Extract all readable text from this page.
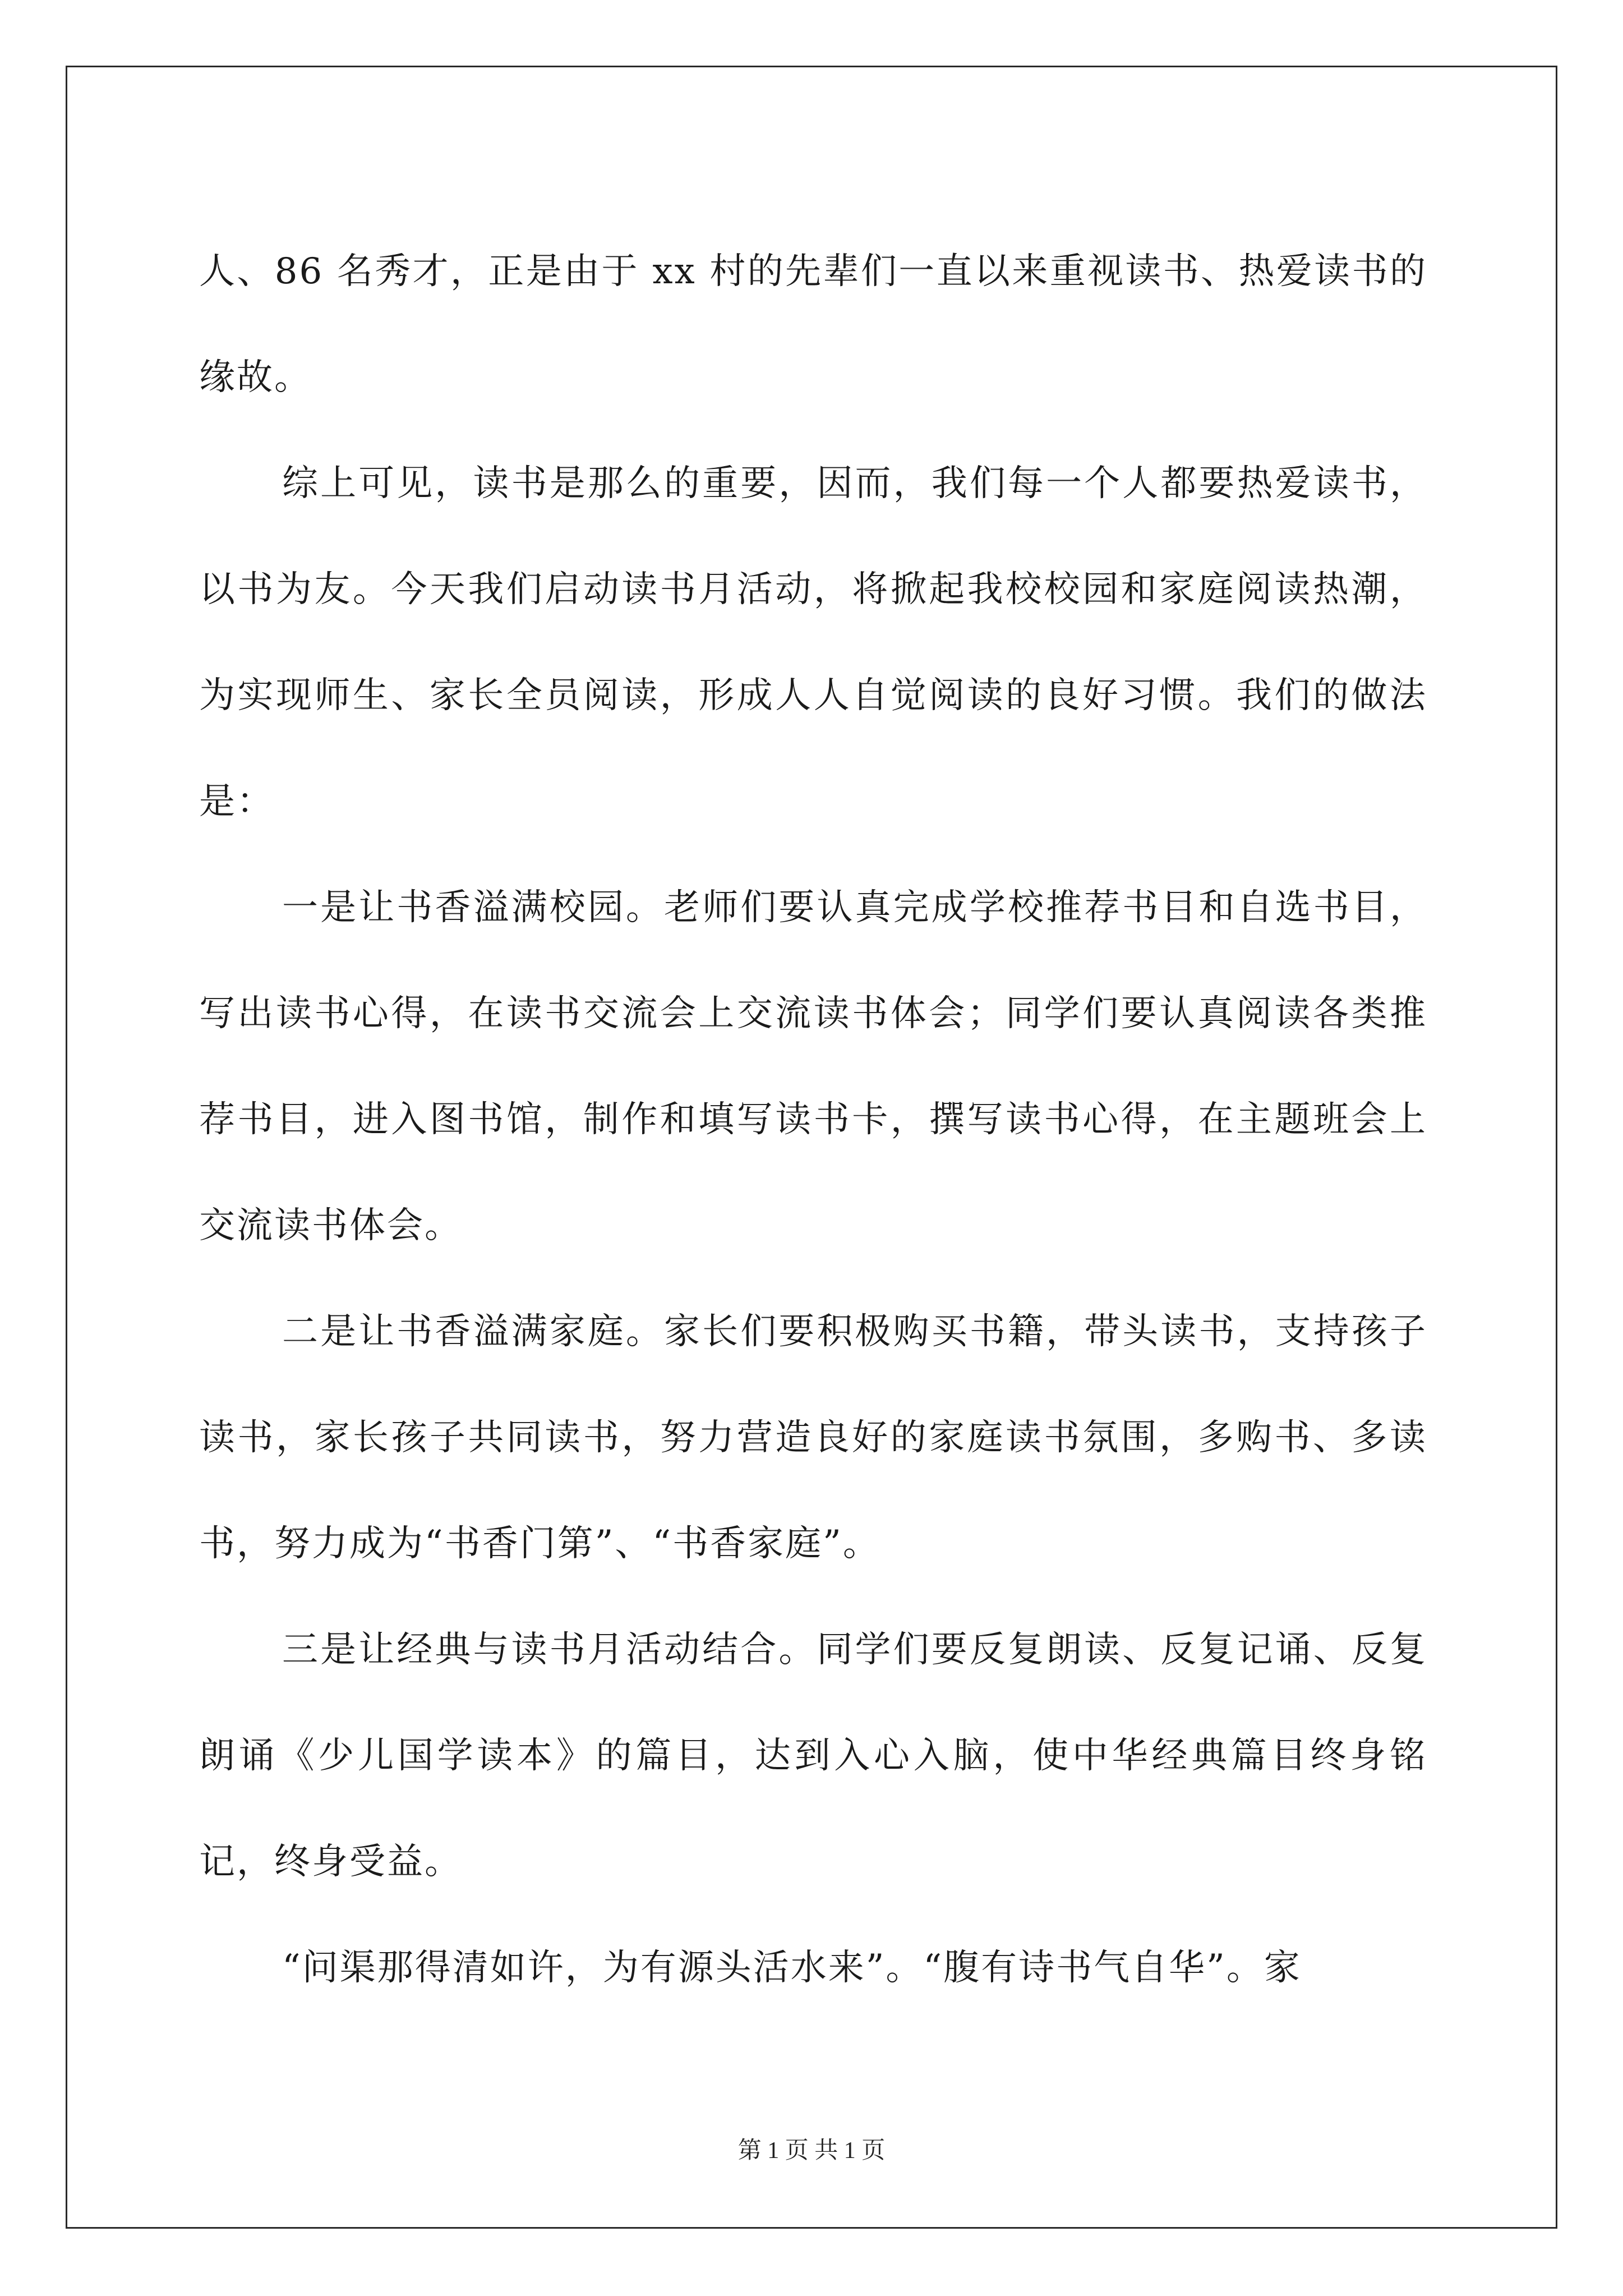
人、86 名秀才，正是由于 xx 村的先辈们一直以来重视读书、热爱读书的缘故。

综上可见，读书是那么的重要，因而，我们每一个人都要热爱读书，以书为友。今天我们启动读书月活动，将掀起我校校园和家庭阅读热潮，为实现师生、家长全员阅读，形成人人自觉阅读的良好习惯。我们的做法是：

一是让书香溢满校园。老师们要认真完成学校推荐书目和自选书目，写出读书心得，在读书交流会上交流读书体会；同学们要认真阅读各类推荐书目，进入图书馆，制作和填写读书卡，撰写读书心得，在主题班会上交流读书体会。

二是让书香溢满家庭。家长们要积极购买书籍，带头读书，支持孩子读书，家长孩子共同读书，努力营造良好的家庭读书氛围，多购书、多读书，努力成为“书香门第”、“书香家庭”。

三是让经典与读书月活动结合。同学们要反复朗读、反复记诵、反复朗诵《少儿国学读本》的篇目，达到入心入脑，使中华经典篇目终身铭记，终身受益。

“问渠那得清如许，为有源头活水来”。“腹有诗书气自华”。家

第 1 页 共 1 页
